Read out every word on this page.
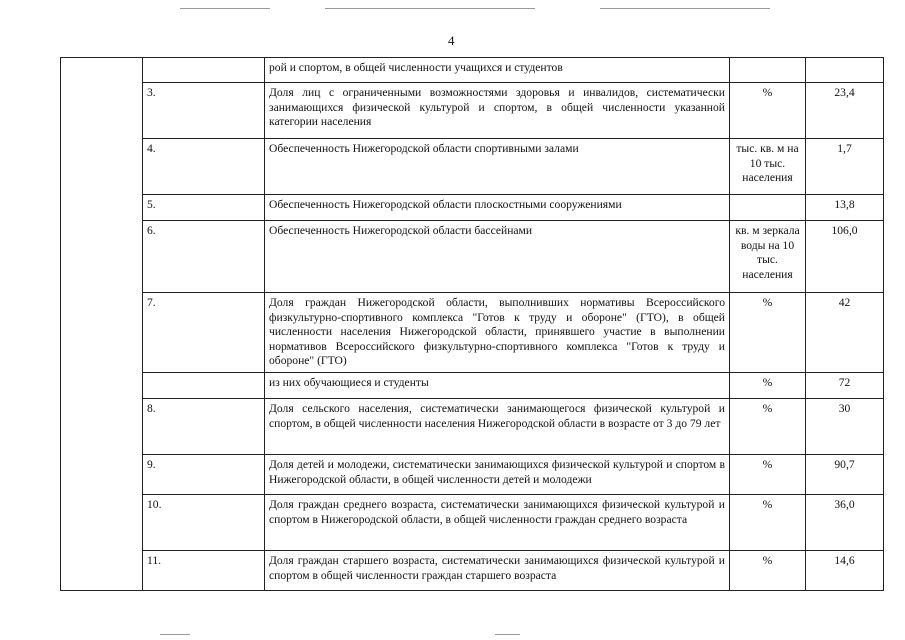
4
		рой и спортом, в общей численности учащихся и студентов		
	3.	Доля лиц с ограниченными возможностями здоровья и инвалидов, систематически занимающихся физической культурой и спортом, в общей численности указанной категории населения	%	23,4
	4.	Обеспеченность Нижегородской области спортивными залами	тыс. кв. м на 10 тыс. населения	1,7
	5.	Обеспеченность Нижегородской области плоскостными сооружениями		13,8
	6.	Обеспеченность Нижегородской области бассейнами	кв. м зеркала воды на 10 тыс. населения	106,0
	7.	Доля граждан Нижегородской области, выполнивших нормативы Всероссийского физкультурно-спортивного комплекса "Готов к труду и обороне" (ГТО), в общей численности населения Нижегородской области, принявшего участие в выполнении нормативов Всероссийского физкультурно-спортивного комплекса "Готов к труду и обороне" (ГТО)	%	42
		из них обучающиеся и студенты	%	72
	8.	Доля сельского населения, систематически занимающегося физической культурой и спортом, в общей численности населения Нижегородской области в возрасте от 3 до 79 лет	%	30
	9.	Доля детей и молодежи, систематически занимающихся физической культурой и спортом в Нижегородской области, в общей численности детей и молодежи	%	90,7
	10.	Доля граждан среднего возраста, систематически занимающихся физической культурой и спортом в Нижегородской области, в общей численности граждан среднего возраста	%	36,0
	11.	Доля граждан старшего возраста, систематически занимающихся физической культурой и спортом в общей численности граждан старшего возраста	%	14,6
